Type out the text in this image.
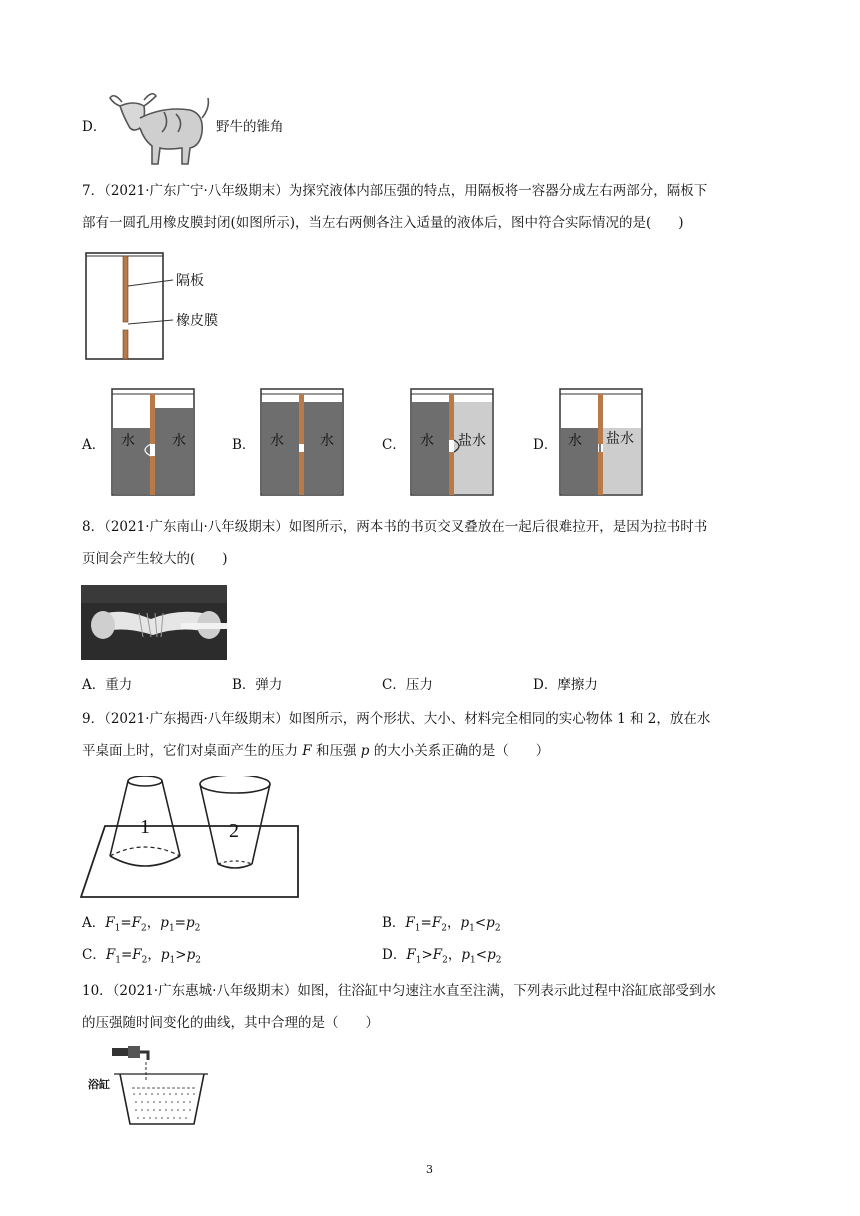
D．	野牛的锥角
7．（2021·广东广宁·八年级期末）为探究液体内部压强的特点，用隔板将一容器分成左右两部分，隔板下
部有一圆孔用橡皮膜封闭(如图所示)，当左右两侧各注入适量的液体后，图中符合实际情况的是(　　)
隔板
橡皮膜
A． 水	水	B． 水	水	C． 水 盐水	D． 水 盐水
8．（2021·广东南山·八年级期末）如图所示，两本书的书页交叉叠放在一起后很难拉开，是因为拉书时书
页间会产生较大的(　　)
A．重力	B．弹力	C．压力	D．摩擦力
9．（2021·广东揭西·八年级期末）如图所示，两个形状、大小、材料完全相同的实心物体 1 和 2，放在水
平桌面上时，它们对桌面产生的压力 F 和压强 p 的大小关系正确的是（　　）
1	2
A．$F_1=F_2$，$p_1=p_2$	B．$F_1=F_2$，$p_1<p_2$
C．$F_1=F_2$，$p_1>p_2$	D．$F_1>F_2$，$p_1<p_2$
10．（2021·广东惠城·八年级期末）如图，往浴缸中匀速注水直至注满，下列表示此过程中浴缸底部受到水
的压强随时间变化的曲线，其中合理的是（　　）
浴缸
3
